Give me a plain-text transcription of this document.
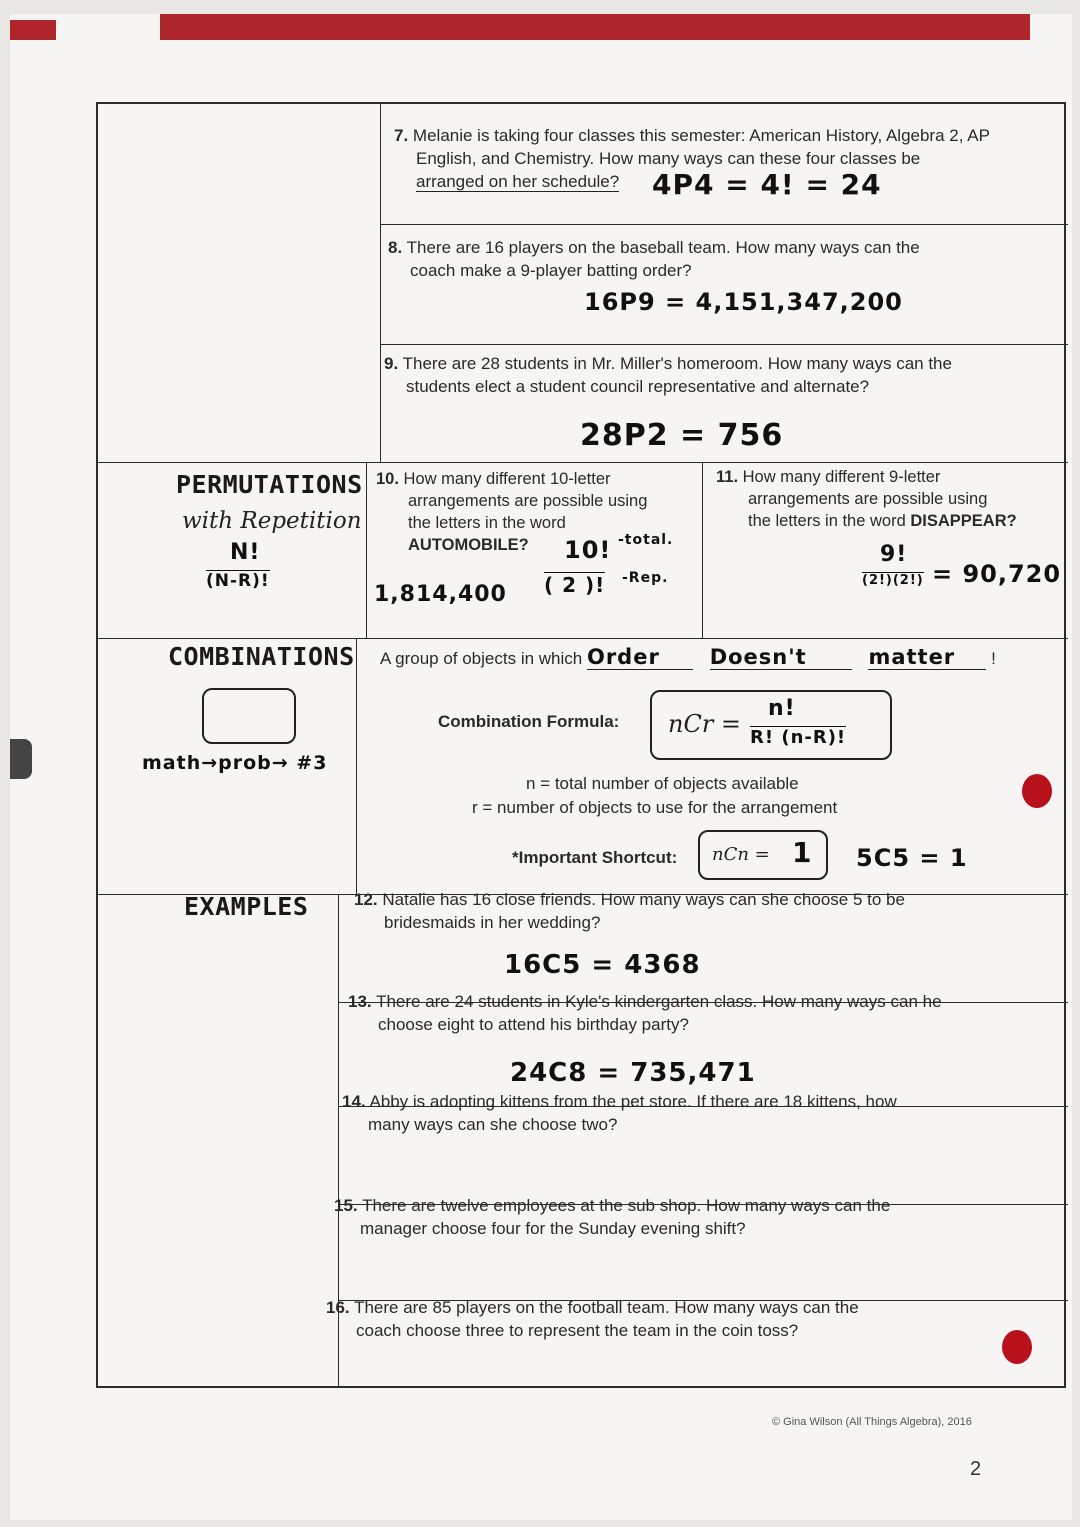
7. Melanie is taking four classes this semester: American History, Algebra 2, AP
English, and Chemistry. How many ways can these four classes be
arranged on her schedule?	4P4 = 4! = 24
8. There are 16 players on the baseball team. How many ways can the
coach make a 9-player batting order?
16P9 = 4,151,347,200
9. There are 28 students in Mr. Miller's homeroom. How many ways can the
students elect a student council representative and alternate?
28P2 = 756
PERMUTATIONS
with Repetition
N!
(N-R)!
10. How many different 10-letter
arrangements are possible using
the letters in the word
AUTOMOBILE?	10! -total.
( 2 )! -Rep.
1,814,400
11. How many different 9-letter
arrangements are possible using
the letters in the word DISAPPEAR?
9!
(2!)(2!) = 90,720
COMBINATIONS
math→prob→ #3
A group of objects in which Order Doesn't	matter !
Combination Formula: nCr =
n!
R! (n-R)!
n = total number of objects available
r = number of objects to use for the arrangement
*Important Shortcut: nCn = 1 5C5 = 1
EXAMPLES	12. Natalie has 16 close friends. How many ways can she choose 5 to be
bridesmaids in her wedding?
16C5 = 4368
13. There are 24 students in Kyle's kindergarten class. How many ways can he
choose eight to attend his birthday party?
24C8 = 735,471
14. Abby is adopting kittens from the pet store. If there are 18 kittens, how
many ways can she choose two?
15. There are twelve employees at the sub shop. How many ways can the
manager choose four for the Sunday evening shift?
16. There are 85 players on the football team. How many ways can the
coach choose three to represent the team in the coin toss?
© Gina Wilson (All Things Algebra), 2016
2
